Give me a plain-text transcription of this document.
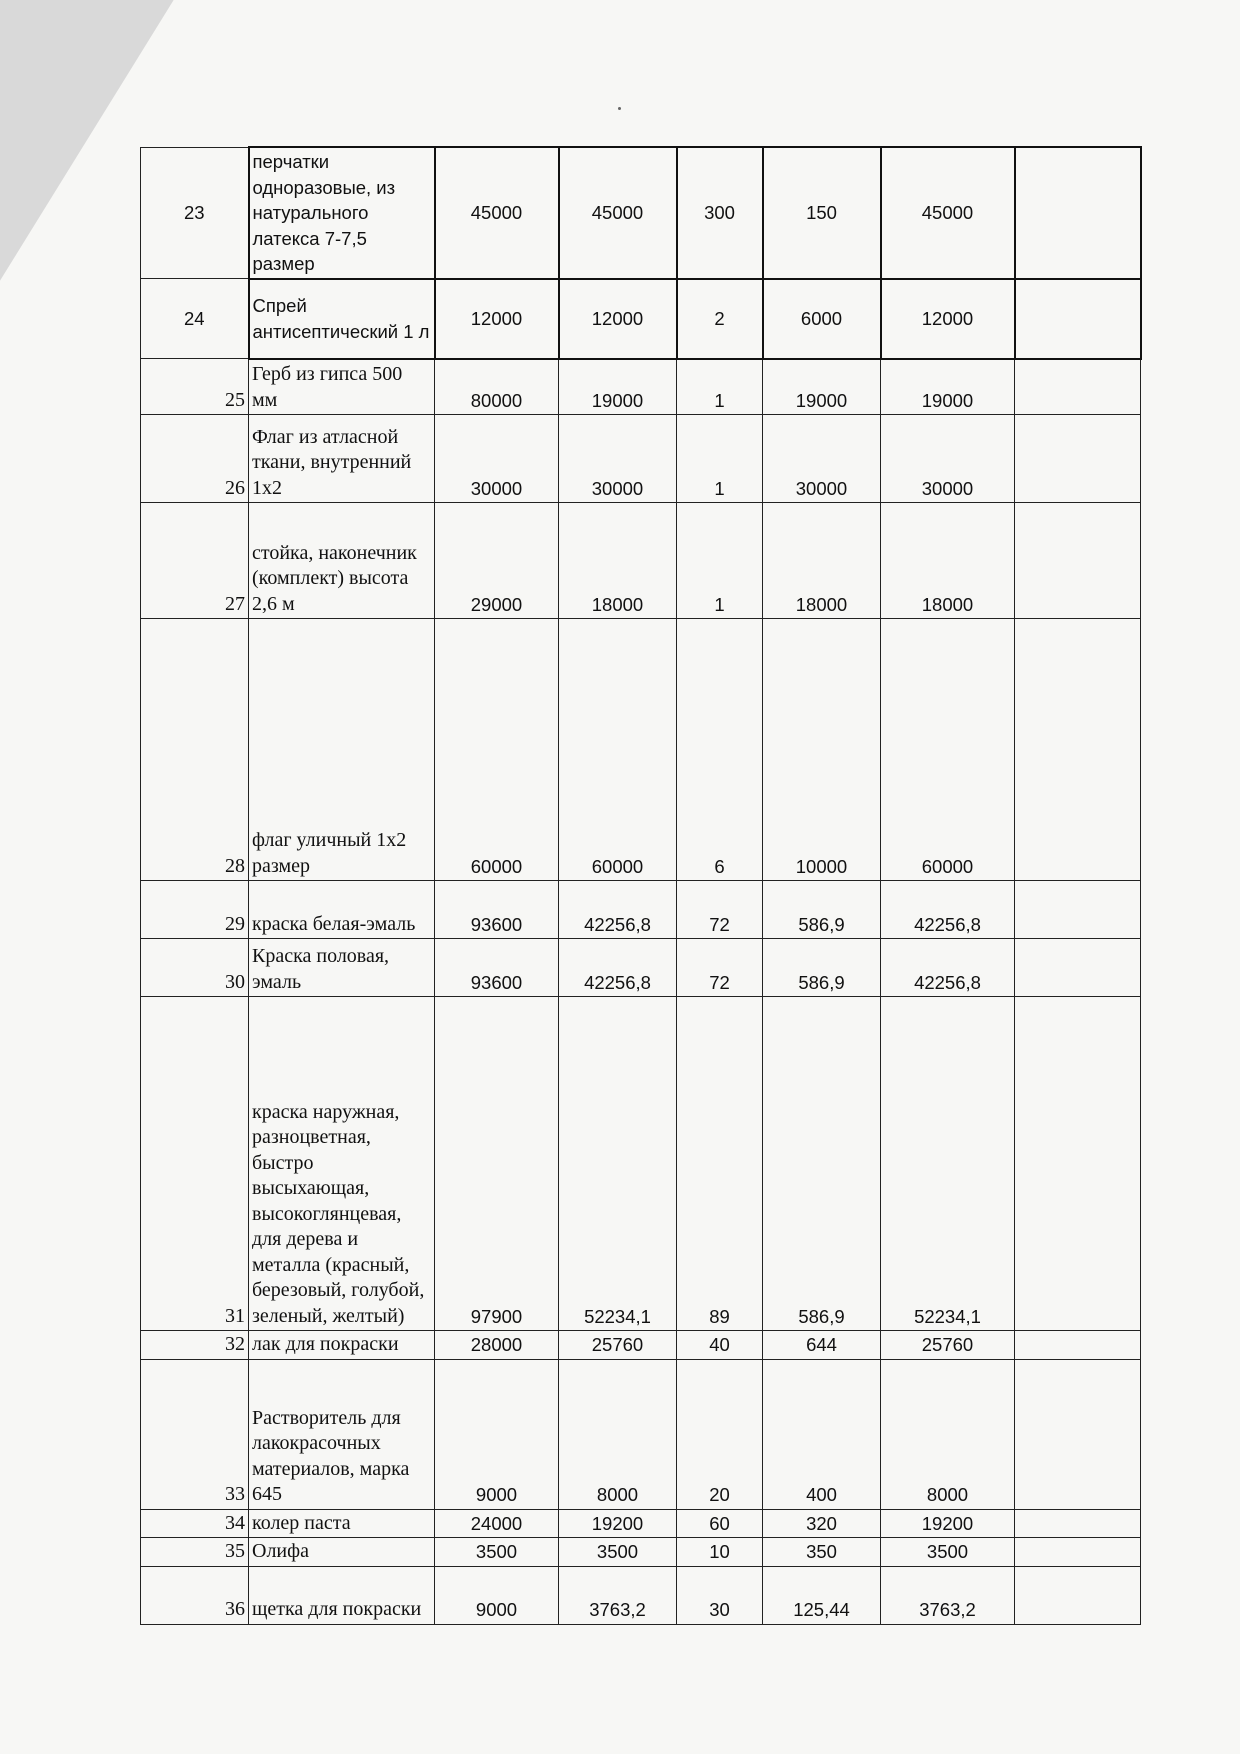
23	перчатки одноразовые, из натурального латекса 7-7,5 размер	45000	45000	300	150	45000	
24	Спрей антисептический 1 л	12000	12000	2	6000	12000	
25	Герб из гипса 500 мм	80000	19000	1	19000	19000	
26	Флаг из атласной ткани, внутренний 1x2	30000	30000	1	30000	30000	
27	стойка, наконечник (комплект) высота 2,6 м	29000	18000	1	18000	18000	
28	флаг уличный 1x2 размер	60000	60000	6	10000	60000	
29	краска белая-эмаль	93600	42256,8	72	586,9	42256,8	
30	Краска половая, эмаль	93600	42256,8	72	586,9	42256,8	
31	краска наружная, разноцветная, быстро высыхающая, высокоглянцевая, для дерева и металла (красный, березовый, голубой, зеленый, желтый)	97900	52234,1	89	586,9	52234,1	
32	лак для покраски	28000	25760	40	644	25760	
33	Растворитель для лакокрасочных материалов, марка 645	9000	8000	20	400	8000	
34	колер паста	24000	19200	60	320	19200	
35	Олифа	3500	3500	10	350	3500	
36	щетка для покраски	9000	3763,2	30	125,44	3763,2	
